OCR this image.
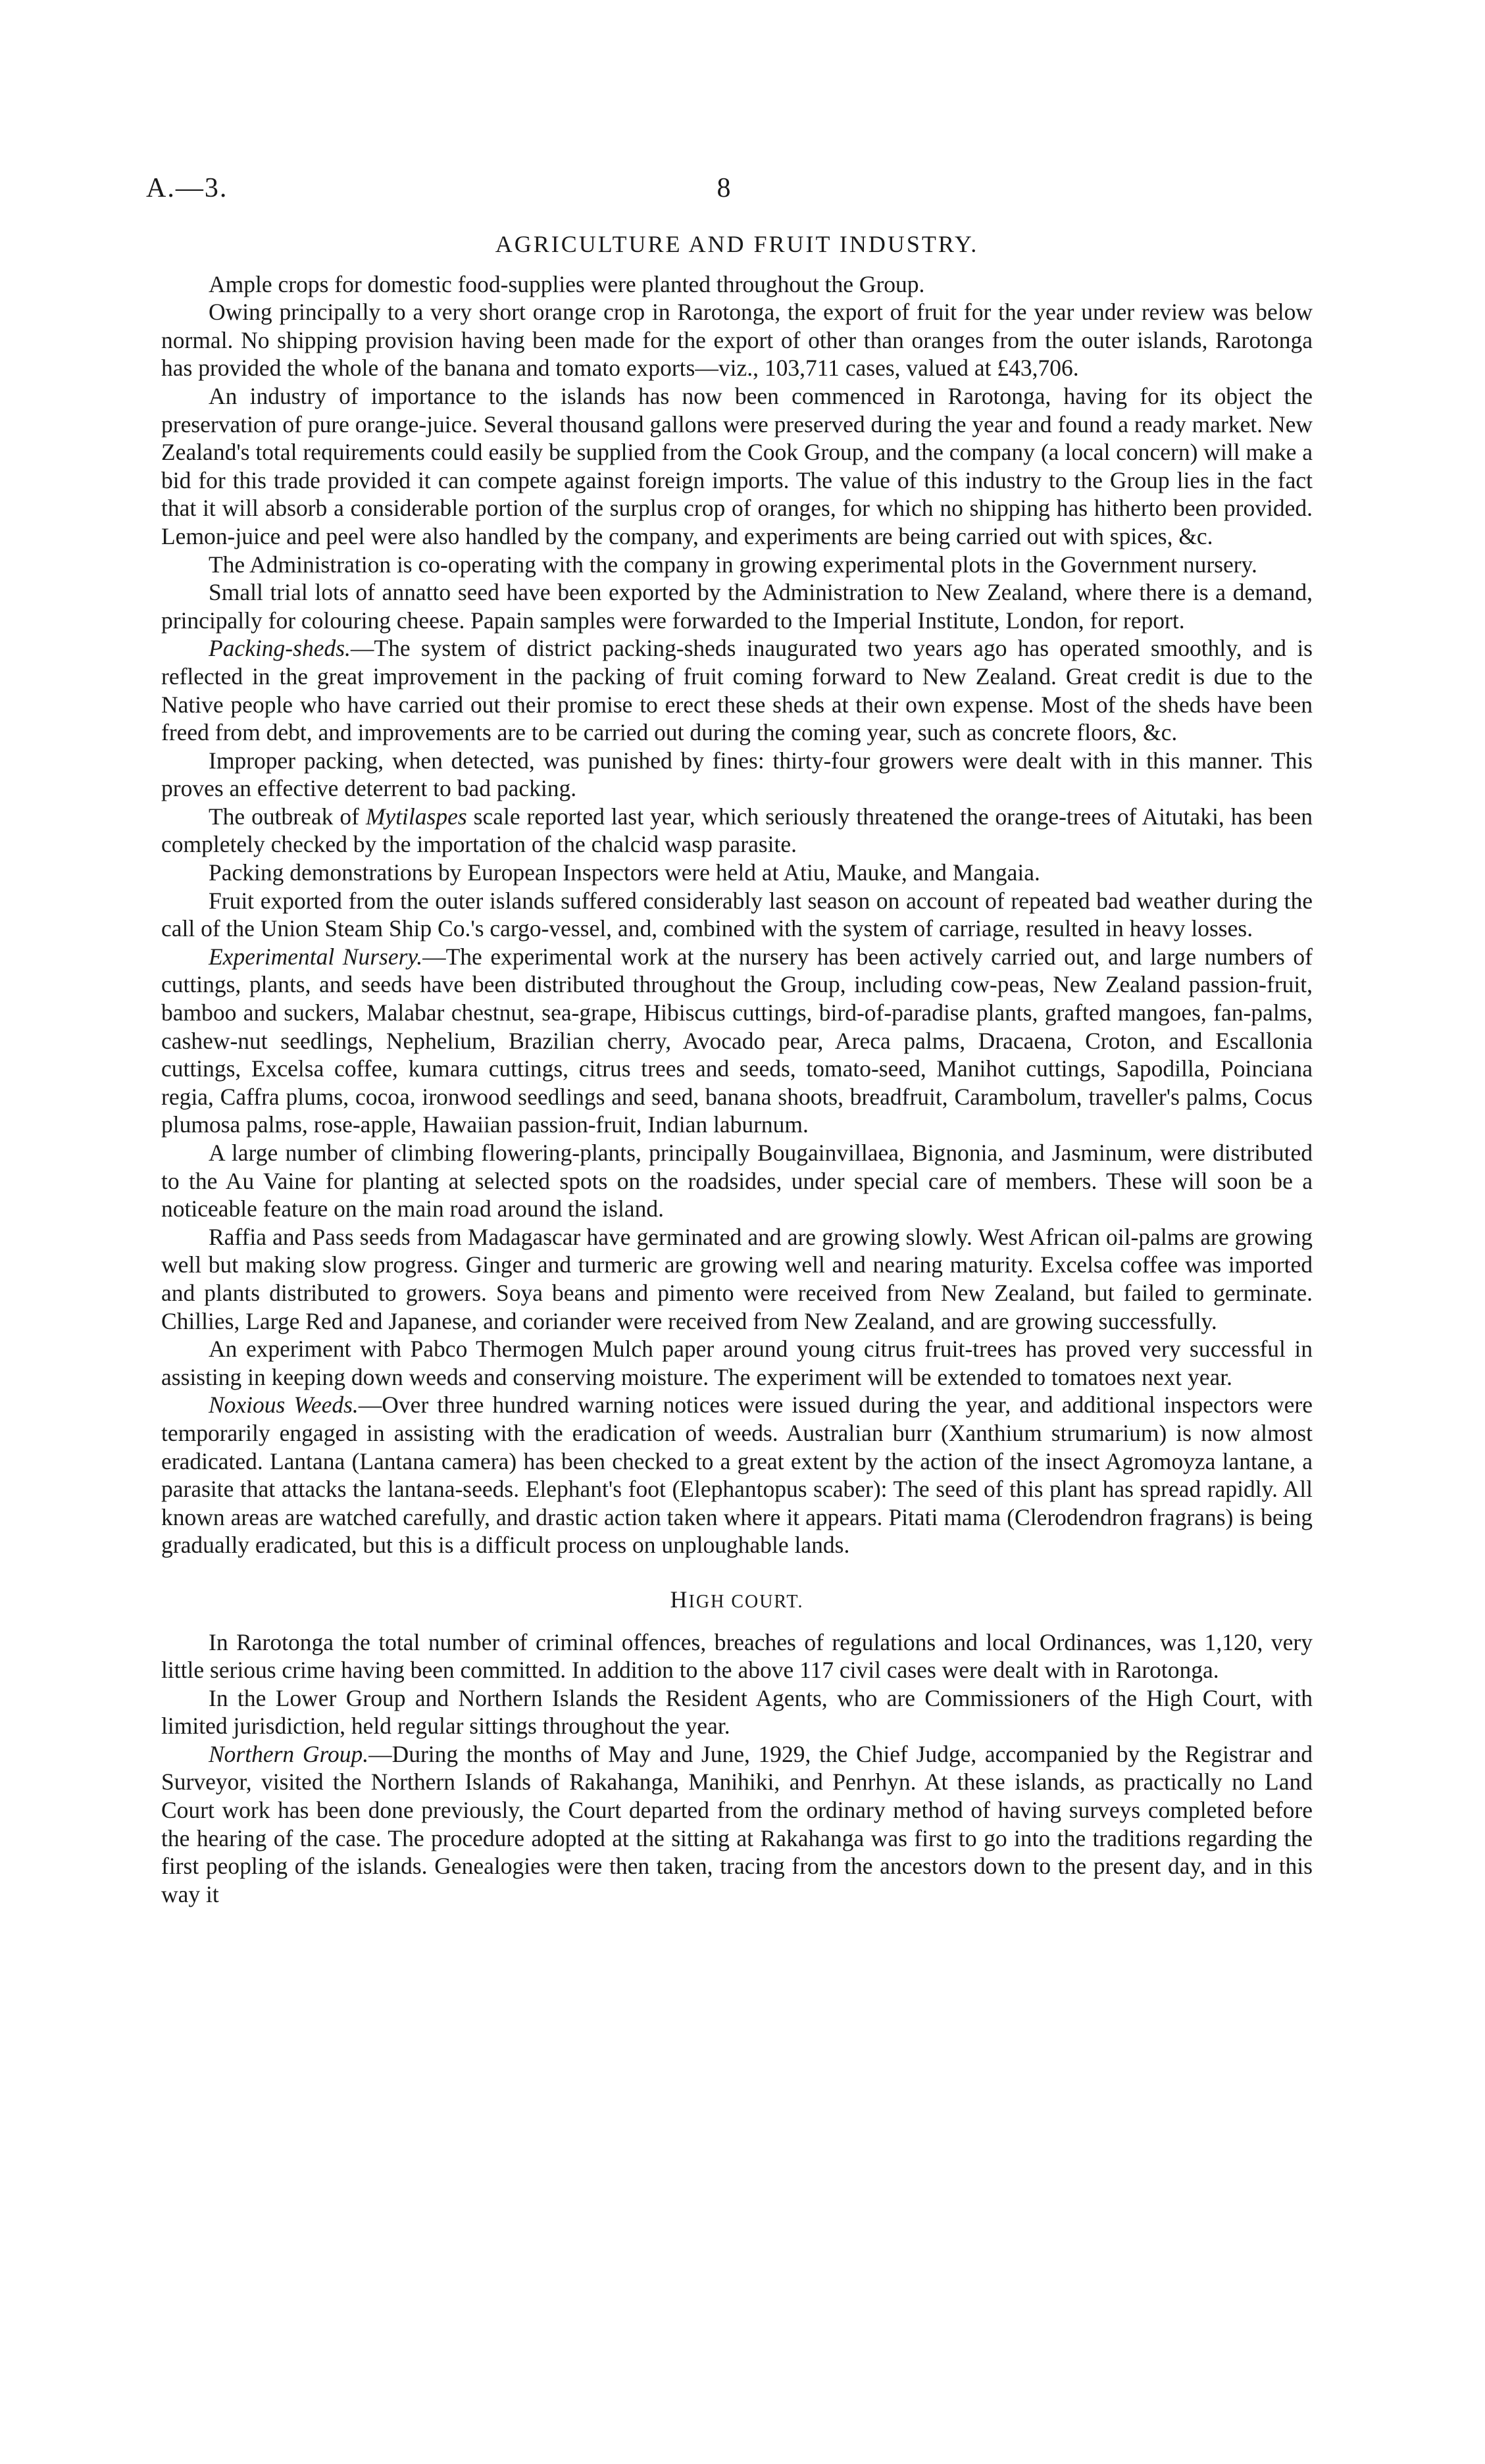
A.—3.	8
AGRICULTURE AND FRUIT INDUSTRY.

Ample crops for domestic food-supplies were planted throughout the Group.

Owing principally to a very short orange crop in Rarotonga, the export of fruit for the year under review was below normal. No shipping provision having been made for the export of other than oranges from the outer islands, Rarotonga has provided the whole of the banana and tomato exports—viz., 103,711 cases, valued at £43,706.

An industry of importance to the islands has now been commenced in Rarotonga, having for its object the preservation of pure orange-juice. Several thousand gallons were preserved during the year and found a ready market. New Zealand's total requirements could easily be supplied from the Cook Group, and the company (a local concern) will make a bid for this trade provided it can compete against foreign imports. The value of this industry to the Group lies in the fact that it will absorb a considerable portion of the surplus crop of oranges, for which no shipping has hitherto been provided. Lemon-juice and peel were also handled by the company, and experiments are being carried out with spices, &c.

The Administration is co-operating with the company in growing experimental plots in the Government nursery.

Small trial lots of annatto seed have been exported by the Administration to New Zealand, where there is a demand, principally for colouring cheese. Papain samples were forwarded to the Imperial Institute, London, for report.

Packing-sheds.—The system of district packing-sheds inaugurated two years ago has operated smoothly, and is reflected in the great improvement in the packing of fruit coming forward to New Zealand. Great credit is due to the Native people who have carried out their promise to erect these sheds at their own expense. Most of the sheds have been freed from debt, and improvements are to be carried out during the coming year, such as concrete floors, &c.

Improper packing, when detected, was punished by fines: thirty-four growers were dealt with in this manner. This proves an effective deterrent to bad packing.

The outbreak of Mytilaspes scale reported last year, which seriously threatened the orange-trees of Aitutaki, has been completely checked by the importation of the chalcid wasp parasite.

Packing demonstrations by European Inspectors were held at Atiu, Mauke, and Mangaia.

Fruit exported from the outer islands suffered considerably last season on account of repeated bad weather during the call of the Union Steam Ship Co.'s cargo-vessel, and, combined with the system of carriage, resulted in heavy losses.

Experimental Nursery.—The experimental work at the nursery has been actively carried out, and large numbers of cuttings, plants, and seeds have been distributed throughout the Group, including cow-peas, New Zealand passion-fruit, bamboo and suckers, Malabar chestnut, sea-grape, Hibiscus cuttings, bird-of-paradise plants, grafted mangoes, fan-palms, cashew-nut seedlings, Nephelium, Brazilian cherry, Avocado pear, Areca palms, Dracaena, Croton, and Escallonia cuttings, Excelsa coffee, kumara cuttings, citrus trees and seeds, tomato-seed, Manihot cuttings, Sapodilla, Poinciana regia, Caffra plums, cocoa, ironwood seedlings and seed, banana shoots, breadfruit, Carambolum, traveller's palms, Cocus plumosa palms, rose-apple, Hawaiian passion-fruit, Indian laburnum.

A large number of climbing flowering-plants, principally Bougainvillaea, Bignonia, and Jasminum, were distributed to the Au Vaine for planting at selected spots on the roadsides, under special care of members. These will soon be a noticeable feature on the main road around the island.

Raffia and Pass seeds from Madagascar have germinated and are growing slowly. West African oil-palms are growing well but making slow progress. Ginger and turmeric are growing well and nearing maturity. Excelsa coffee was imported and plants distributed to growers. Soya beans and pimento were received from New Zealand, but failed to germinate. Chillies, Large Red and Japanese, and coriander were received from New Zealand, and are growing successfully.

An experiment with Pabco Thermogen Mulch paper around young citrus fruit-trees has proved very successful in assisting in keeping down weeds and conserving moisture. The experiment will be extended to tomatoes next year.

Noxious Weeds.—Over three hundred warning notices were issued during the year, and additional inspectors were temporarily engaged in assisting with the eradication of weeds. Australian burr (Xanthium strumarium) is now almost eradicated. Lantana (Lantana camera) has been checked to a great extent by the action of the insect Agromoyza lantane, a parasite that attacks the lantana-seeds. Elephant's foot (Elephantopus scaber): The seed of this plant has spread rapidly. All known areas are watched carefully, and drastic action taken where it appears. Pitati mama (Clerodendron fragrans) is being gradually eradicated, but this is a difficult process on unploughable lands.

HIGH COURT.

In Rarotonga the total number of criminal offences, breaches of regulations and local Ordinances, was 1,120, very little serious crime having been committed. In addition to the above 117 civil cases were dealt with in Rarotonga.

In the Lower Group and Northern Islands the Resident Agents, who are Commissioners of the High Court, with limited jurisdiction, held regular sittings throughout the year.

Northern Group.—During the months of May and June, 1929, the Chief Judge, accompanied by the Registrar and Surveyor, visited the Northern Islands of Rakahanga, Manihiki, and Penrhyn. At these islands, as practically no Land Court work has been done previously, the Court departed from the ordinary method of having surveys completed before the hearing of the case. The procedure adopted at the sitting at Rakahanga was first to go into the traditions regarding the first peopling of the islands. Genealogies were then taken, tracing from the ancestors down to the present day, and in this way it
